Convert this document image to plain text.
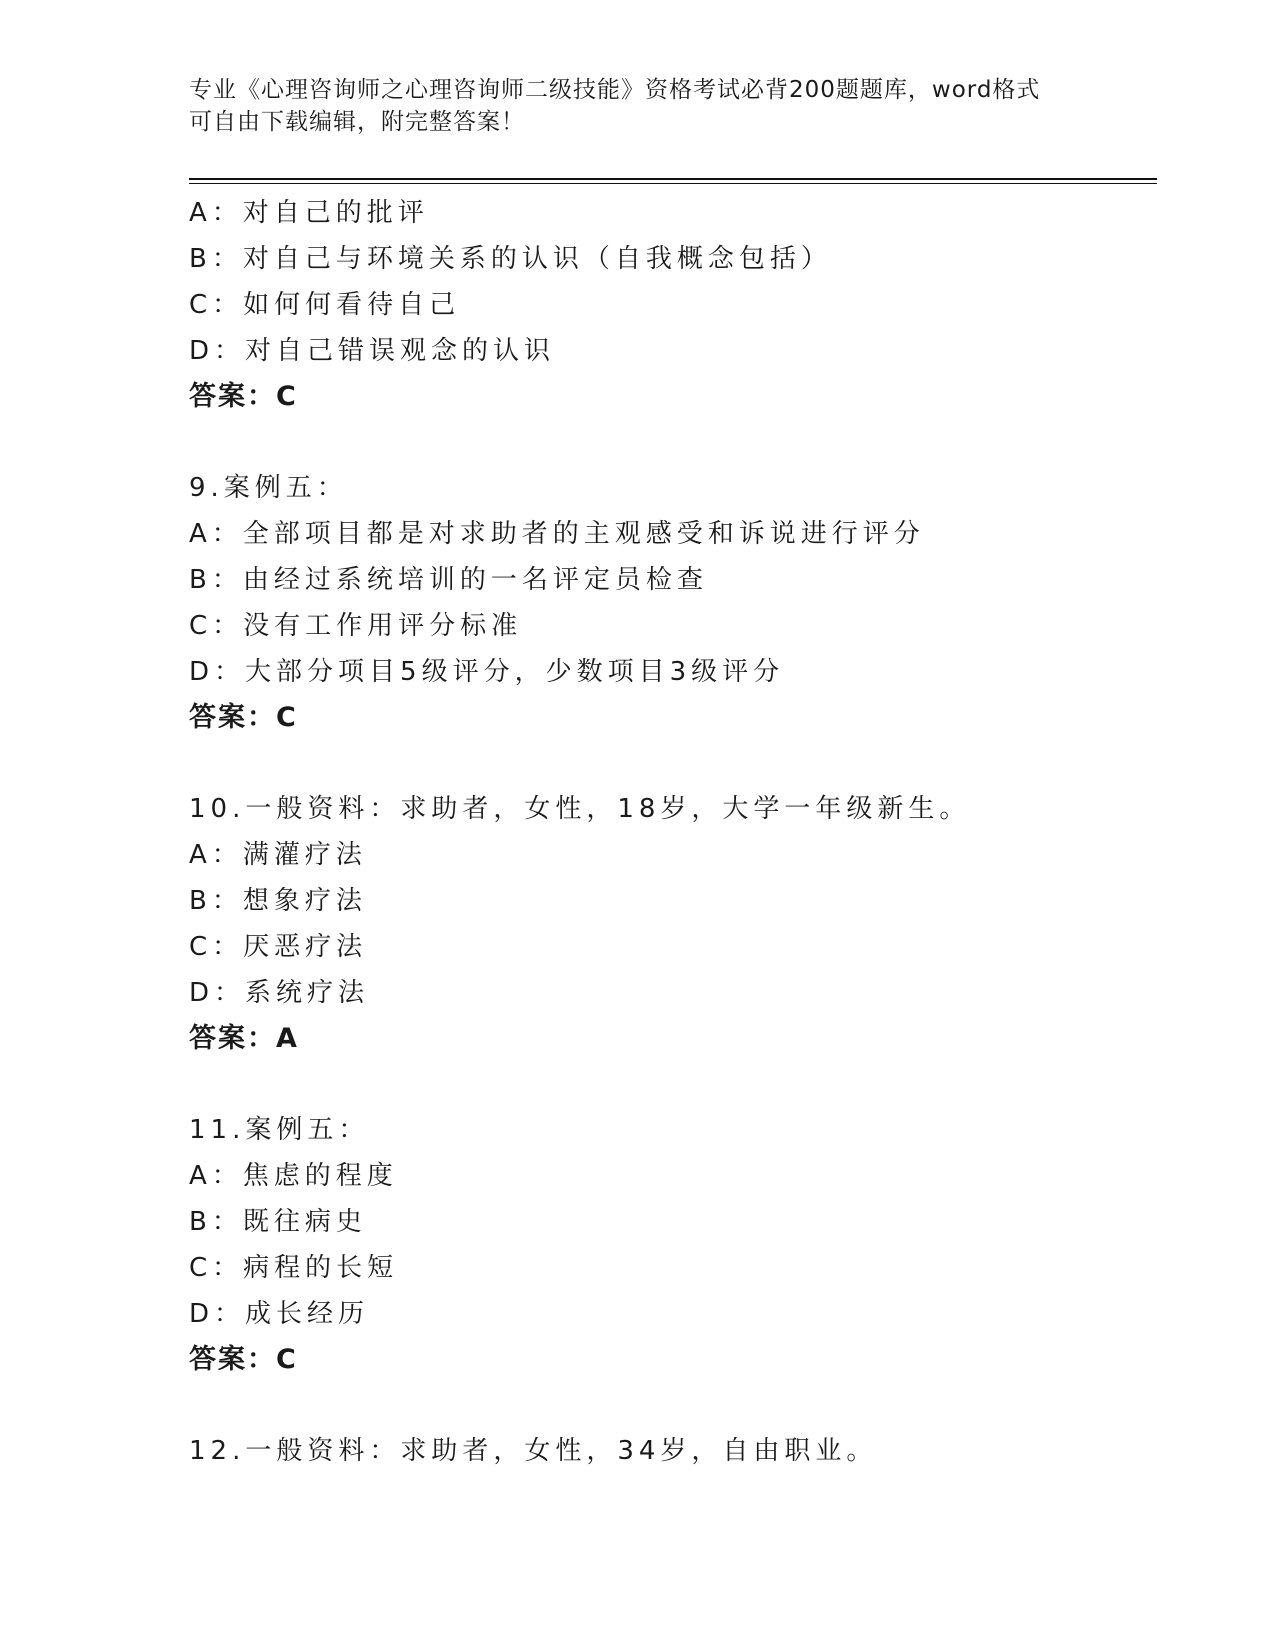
专业《心理咨询师之心理咨询师二级技能》资格考试必背200题题库，word格式
可自由下载编辑，附完整答案！
A：对自己的批评
B：对自己与环境关系的认识（自我概念包括）
C：如何何看待自己
D：对自己错误观念的认识
答案：C
9.案例五：
A：全部项目都是对求助者的主观感受和诉说进行评分
B：由经过系统培训的一名评定员检查
C：没有工作用评分标准
D：大部分项目5级评分，少数项目3级评分
答案：C
10.一般资料：求助者，女性，18岁，大学一年级新生。
A：满灌疗法
B：想象疗法
C：厌恶疗法
D：系统疗法
答案：A
11.案例五：
A：焦虑的程度
B：既往病史
C：病程的长短
D：成长经历
答案：C
12.一般资料：求助者，女性，34岁，自由职业。
